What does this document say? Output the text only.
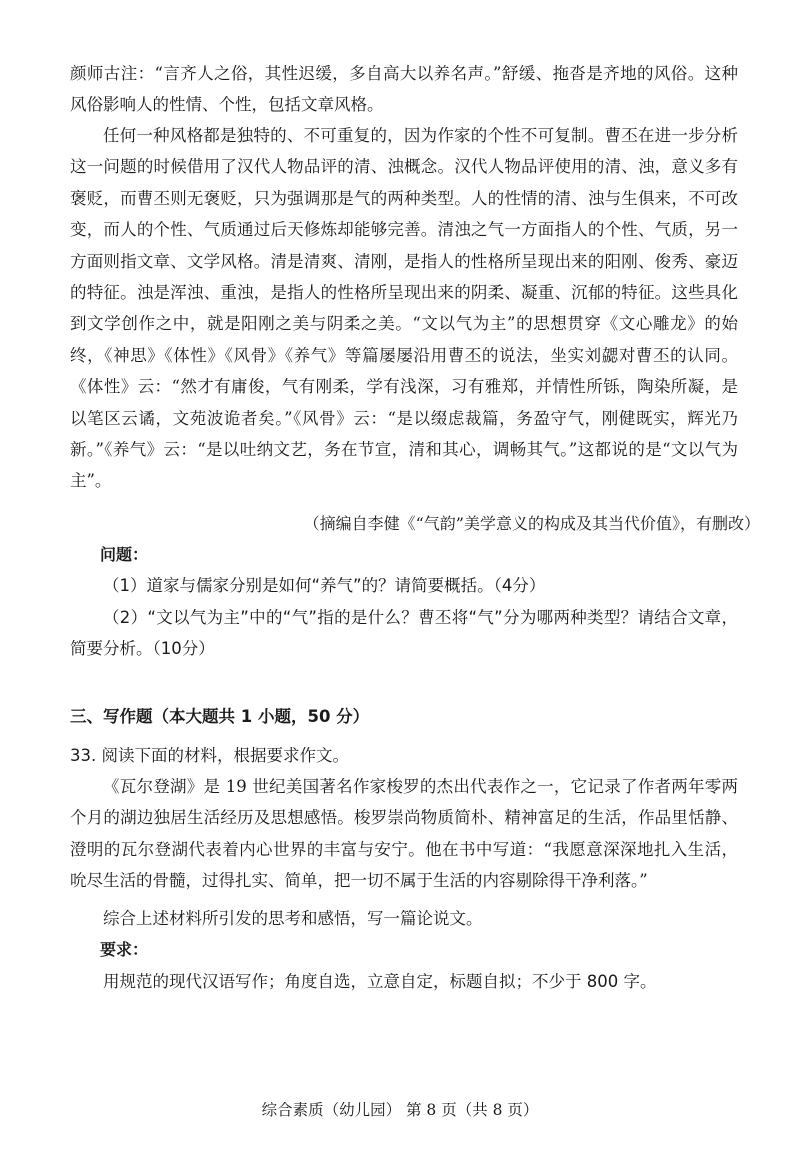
颜师古注：“言齐人之俗，其性迟缓，多自高大以养名声。”舒缓、拖沓是齐地的风俗。这种风俗影响人的性情、个性，包括文章风格。

任何一种风格都是独特的、不可重复的，因为作家的个性不可复制。曹丕在进一步分析这一问题的时候借用了汉代人物品评的清、浊概念。汉代人物品评使用的清、浊，意义多有褒贬，而曹丕则无褒贬，只为强调那是气的两种类型。人的性情的清、浊与生俱来，不可改变，而人的个性、气质通过后天修炼却能够完善。清浊之气一方面指人的个性、气质，另一方面则指文章、文学风格。清是清爽、清刚，是指人的性格所呈现出来的阳刚、俊秀、豪迈的特征。浊是浑浊、重浊，是指人的性格所呈现出来的阴柔、凝重、沉郁的特征。这些具化到文学创作之中，就是阳刚之美与阴柔之美。“文以气为主”的思想贯穿《文心雕龙》的始终，《神思》《体性》《风骨》《养气》等篇屡屡沿用曹丕的说法，坐实刘勰对曹丕的认同。《体性》云：“然才有庸俊，气有刚柔，学有浅深，习有雅郑，并情性所铄，陶染所凝，是以笔区云谲，文苑波诡者矣。”《风骨》云：“是以缀虑裁篇，务盈守气，刚健既实，辉光乃新。”《养气》云：“是以吐纳文艺，务在节宣，清和其心，调畅其气。”这都说的是“文以气为主”。

（摘编自李健《“气韵”美学意义的构成及其当代价值》，有删改）
问题：

（1）道家与儒家分别是如何“养气”的？请简要概括。（4分）

（2）“文以气为主”中的“气”指的是什么？曹丕将“气”分为哪两种类型？请结合文章，简要分析。（10分）

三、写作题（本大题共 1 小题，50 分）

33. 阅读下面的材料，根据要求作文。

《瓦尔登湖》是 19 世纪美国著名作家梭罗的杰出代表作之一，它记录了作者两年零两个月的湖边独居生活经历及思想感悟。梭罗崇尚物质简朴、精神富足的生活，作品里恬静、澄明的瓦尔登湖代表着内心世界的丰富与安宁。他在书中写道：“我愿意深深地扎入生活，吮尽生活的骨髓，过得扎实、简单，把一切不属于生活的内容剔除得干净利落。”

综合上述材料所引发的思考和感悟，写一篇论说文。

要求：

用规范的现代汉语写作；角度自选，立意自定，标题自拟；不少于 800 字。

综合素质（幼儿园） 第 8 页（共 8 页）
